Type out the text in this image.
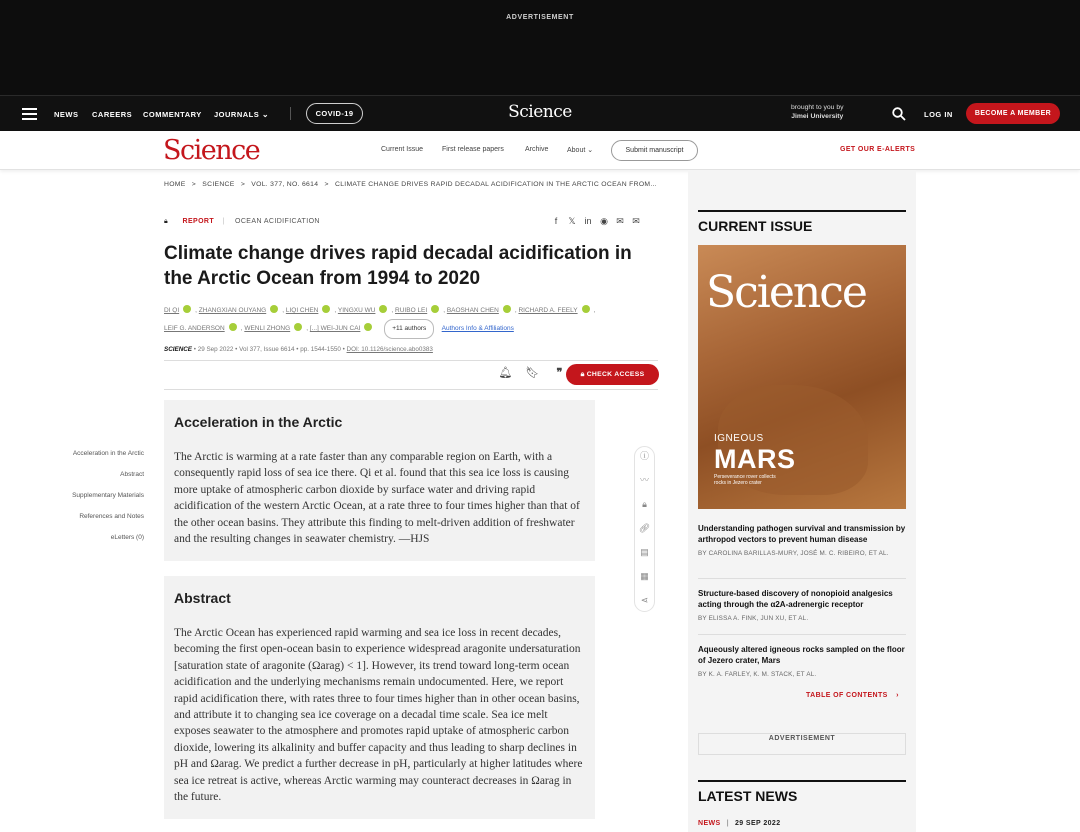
ADVERTISEMENT
NEWS CAREERS COMMENTARY JOURNALS ⌄	COVID-19	Science	brought to you by
Jimei University	LOG IN	BECOME A MEMBER
Science	Current Issue	First release papers	Archive	About ⌄	Submit manuscript	GET OUR E-ALERTS
HOME > SCIENCE > VOL. 377, NO. 6614 > CLIMATE CHANGE DRIVES RAPID DECADAL ACIDIFICATION IN THE ARCTIC OCEAN FROM...
🔒︎ REPORT | OCEAN ACIDIFICATION	f 𝕏 in ◉ ✉ ✉
Climate change drives rapid decadal acidification in the Arctic Ocean from 1994 to 2020
DI QI , ZHANGXIAN OUYANG , LIQI CHEN , YINGXU WU , RUIBO LEI , BAOSHAN CHEN , RICHARD A. FEELY ,
LEIF G. ANDERSON , WENLI ZHONG , [...] WEI-JUN CAI	+11 authors Authors Info & Affiliations
SCIENCE • 29 Sep 2022 • Vol 377, Issue 6614 • pp. 1544-1550 • DOI: 10.1126/science.abo0383
🔔︎ 🔖︎ ❞	🔒︎ CHECK ACCESS
Acceleration in the Arctic
Abstract
Supplementary Materials
References and Notes
eLetters (0)
Acceleration in the Arctic

The Arctic is warming at a rate faster than any comparable region on Earth, with a consequently rapid loss of sea ice there. Qi et al. found that this sea ice loss is causing more uptake of atmospheric carbon dioxide by surface water and driving rapid acidification of the western Arctic Ocean, at a rate three to four times higher than that of the other ocean basins. They attribute this finding to melt-driven addition of freshwater and the resulting changes in seawater chemistry. —HJS

Abstract

The Arctic Ocean has experienced rapid warming and sea ice loss in recent decades, becoming the first open-ocean basin to experience widespread aragonite undersaturation [saturation state of aragonite (Ωarag) < 1]. However, its trend toward long-term ocean acidification and the underlying mechanisms remain undocumented. Here, we report rapid acidification there, with rates three to four times higher than in other ocean basins, and attribute it to changing sea ice coverage on a decadal time scale. Sea ice melt exposes seawater to the atmosphere and promotes rapid uptake of atmospheric carbon dioxide, lowering its alkalinity and buffer capacity and thus leading to sharp declines in pH and Ωarag. We predict a further decrease in pH, particularly at higher latitudes where sea ice retreat is active, whereas Arctic warming may counteract decreases in Ωarag in the future.

ⓘ
〰
🔒︎
🔗︎
▤
▦
⋖
CURRENT ISSUE
Science
IGNEOUS
MARS
Perseverance rover collects rocks in Jezero crater
Understanding pathogen survival and transmission by arthropod vectors to prevent human disease
BY CAROLINA BARILLAS-MURY, JOSÉ M. C. RIBEIRO, ET AL.
Structure-based discovery of nonopioid analgesics acting through the α2A-adrenergic receptor
BY ELISSA A. FINK, JUN XU, ET AL.
Aqueously altered igneous rocks sampled on the floor of Jezero crater, Mars
BY K. A. FARLEY, K. M. STACK, ET AL.
TABLE OF CONTENTS ›
ADVERTISEMENT
LATEST NEWS
NEWS | 29 SEP 2022
